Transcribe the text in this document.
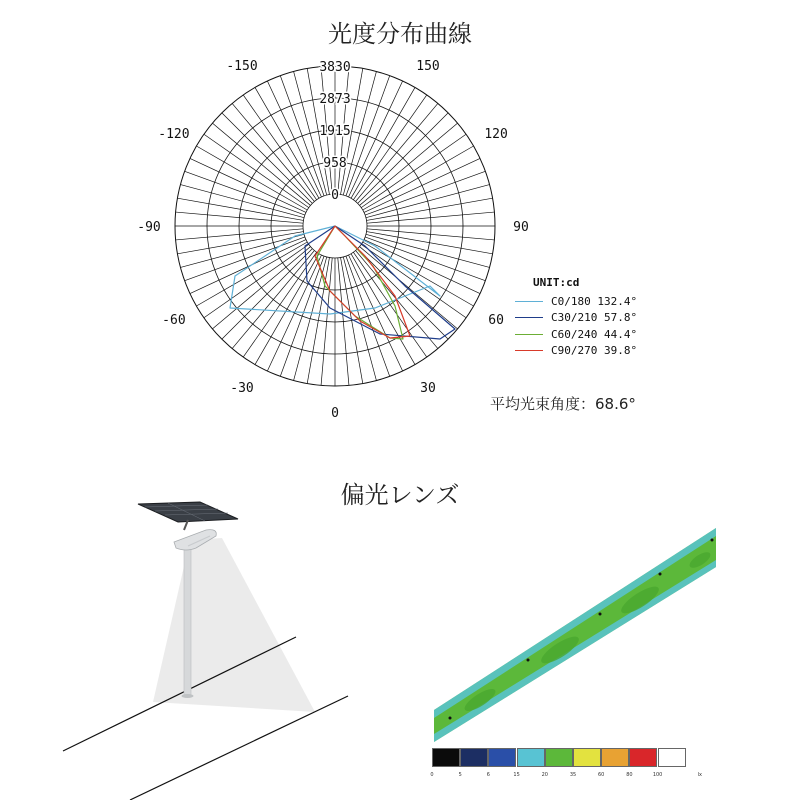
光度分布曲線
0
958
1915
2873
3830
-150	150
-120	120
-90	90
-60	60
-30	30
0
UNIT:cd
C0/180 132.4°
C30/210 57.8°
C60/240 44.4°
C90/270 39.8°
平均光束角度：68.6°
偏光レンズ
0	5	6	15	20	35	60	80	100	lx
